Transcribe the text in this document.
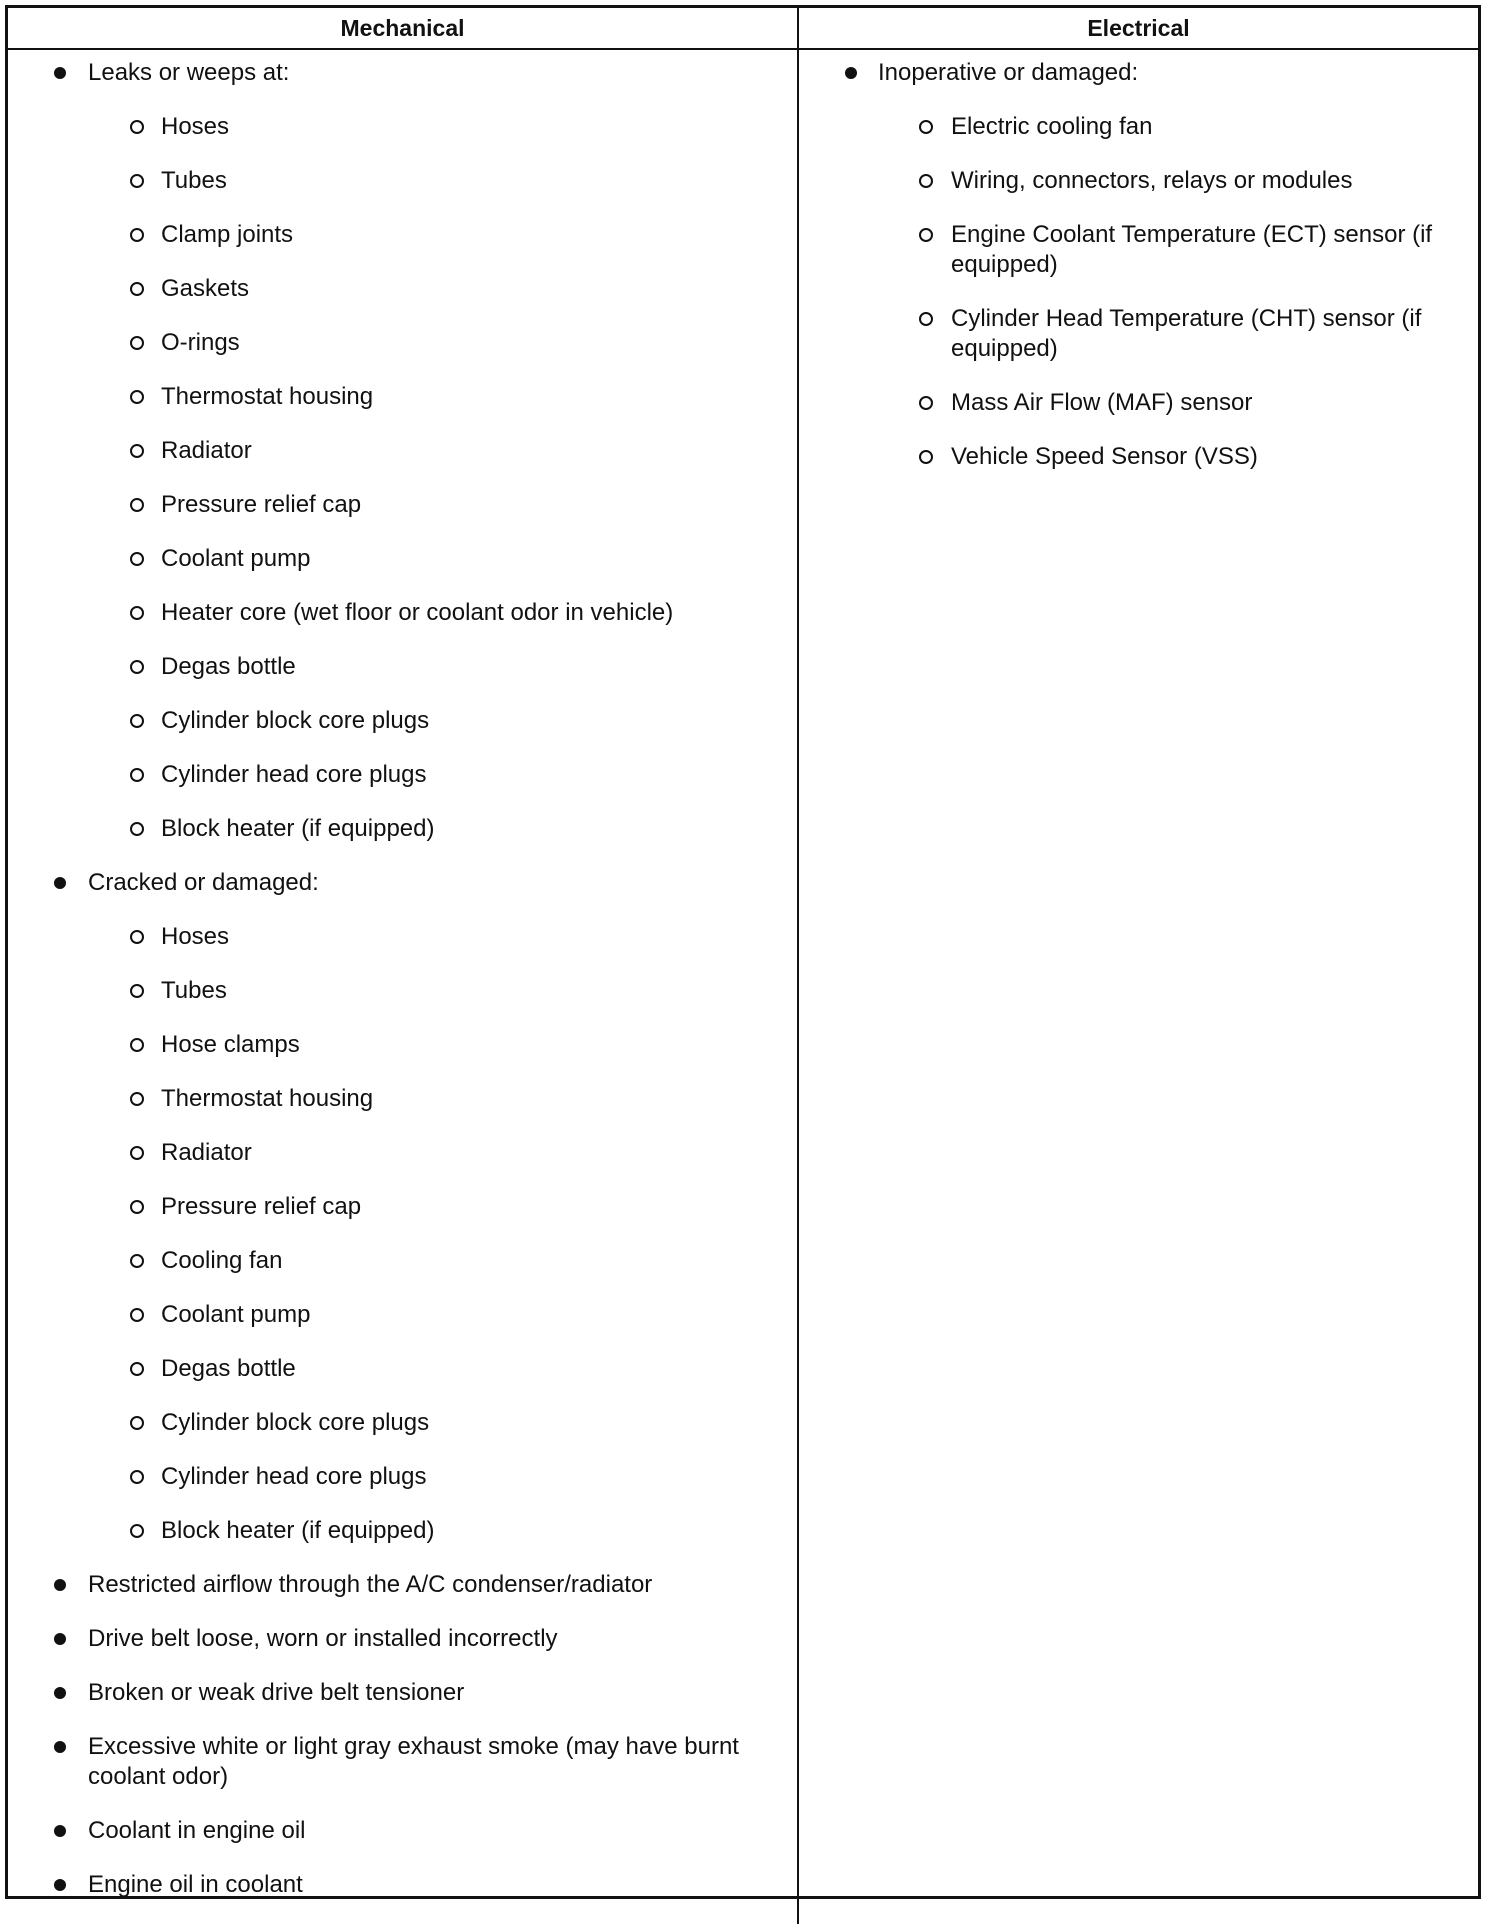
Mechanical	Electrical
Leaks or weeps at:
Hoses
Tubes
Clamp joints
Gaskets
O-rings
Thermostat housing
Radiator
Pressure relief cap
Coolant pump
Heater core (wet floor or coolant odor in vehicle)
Degas bottle
Cylinder block core plugs
Cylinder head core plugs
Block heater (if equipped)
Cracked or damaged:
Hoses
Tubes
Hose clamps
Thermostat housing
Radiator
Pressure relief cap
Cooling fan
Coolant pump
Degas bottle
Cylinder block core plugs
Cylinder head core plugs
Block heater (if equipped)
Restricted airflow through the A/C condenser/radiator
Drive belt loose, worn or installed incorrectly
Broken or weak drive belt tensioner
Excessive white or light gray exhaust smoke (may have burnt coolant odor)
Coolant in engine oil
Engine oil in coolant
Inoperative or damaged:
Electric cooling fan
Wiring, connectors, relays or modules
Engine Coolant Temperature (ECT) sensor (if equipped)
Cylinder Head Temperature (CHT) sensor (if equipped)
Mass Air Flow (MAF) sensor
Vehicle Speed Sensor (VSS)
